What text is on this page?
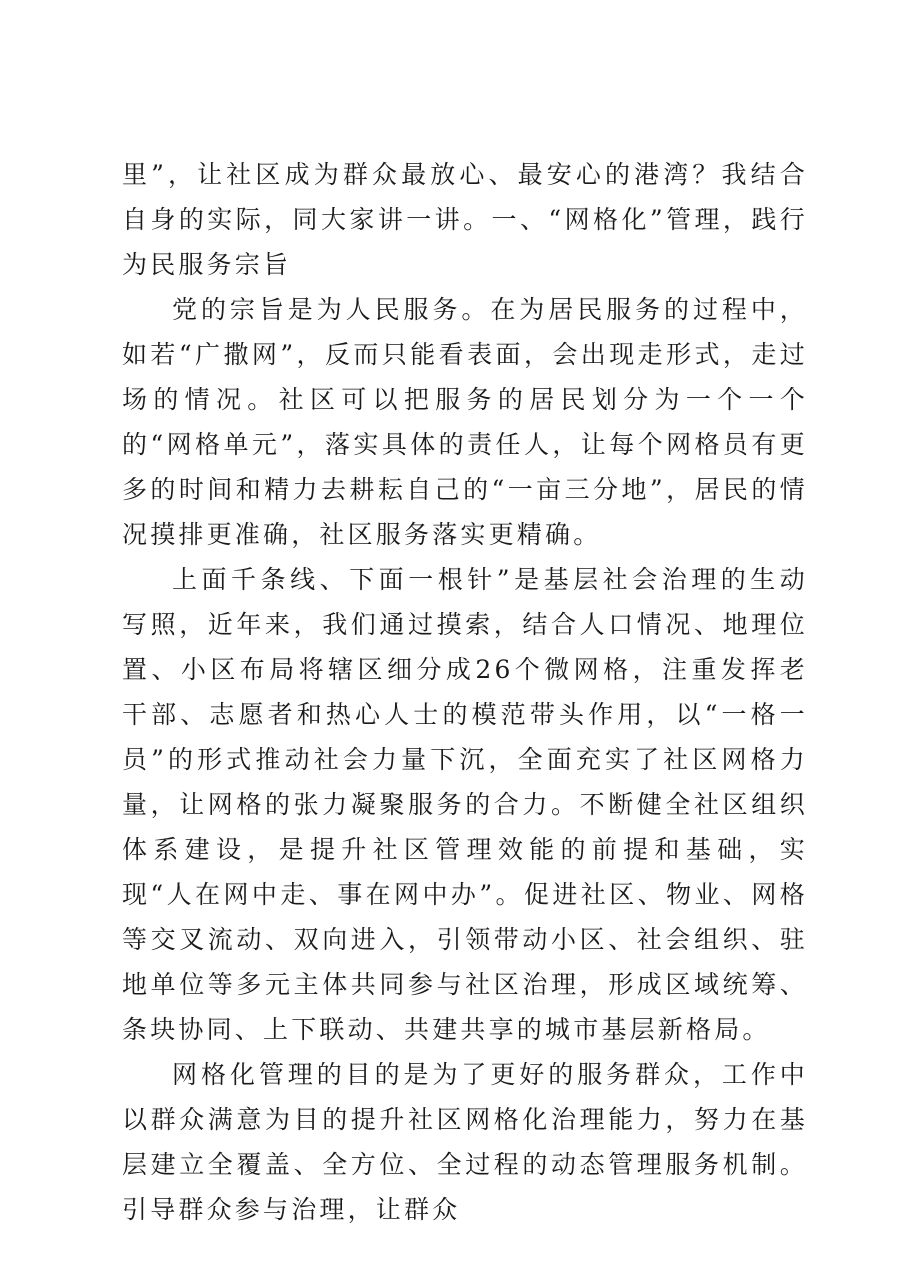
里”，让社区成为群众最放心、最安心的港湾？我结合自身的实际，同大家讲一讲。一、“网格化”管理，践行为民服务宗旨

党的宗旨是为人民服务。在为居民服务的过程中，如若“广撒网”，反而只能看表面，会出现走形式，走过场的情况。社区可以把服务的居民划分为一个一个的“网格单元”，落实具体的责任人，让每个网格员有更多的时间和精力去耕耘自己的“一亩三分地”，居民的情况摸排更准确，社区服务落实更精确。

上面千条线、下面一根针”是基层社会治理的生动写照，近年来，我们通过摸索，结合人口情况、地理位置、小区布局将辖区细分成26个微网格，注重发挥老干部、志愿者和热心人士的模范带头作用，以“一格一员”的形式推动社会力量下沉，全面充实了社区网格力量，让网格的张力凝聚服务的合力。不断健全社区组织体系建设，是提升社区管理效能的前提和基础，实现“人在网中走、事在网中办”。促进社区、物业、网格等交叉流动、双向进入，引领带动小区、社会组织、驻地单位等多元主体共同参与社区治理，形成区域统筹、条块协同、上下联动、共建共享的城市基层新格局。

网格化管理的目的是为了更好的服务群众，工作中以群众满意为目的提升社区网格化治理能力，努力在基层建立全覆盖、全方位、全过程的动态管理服务机制。引导群众参与治理，让群众
